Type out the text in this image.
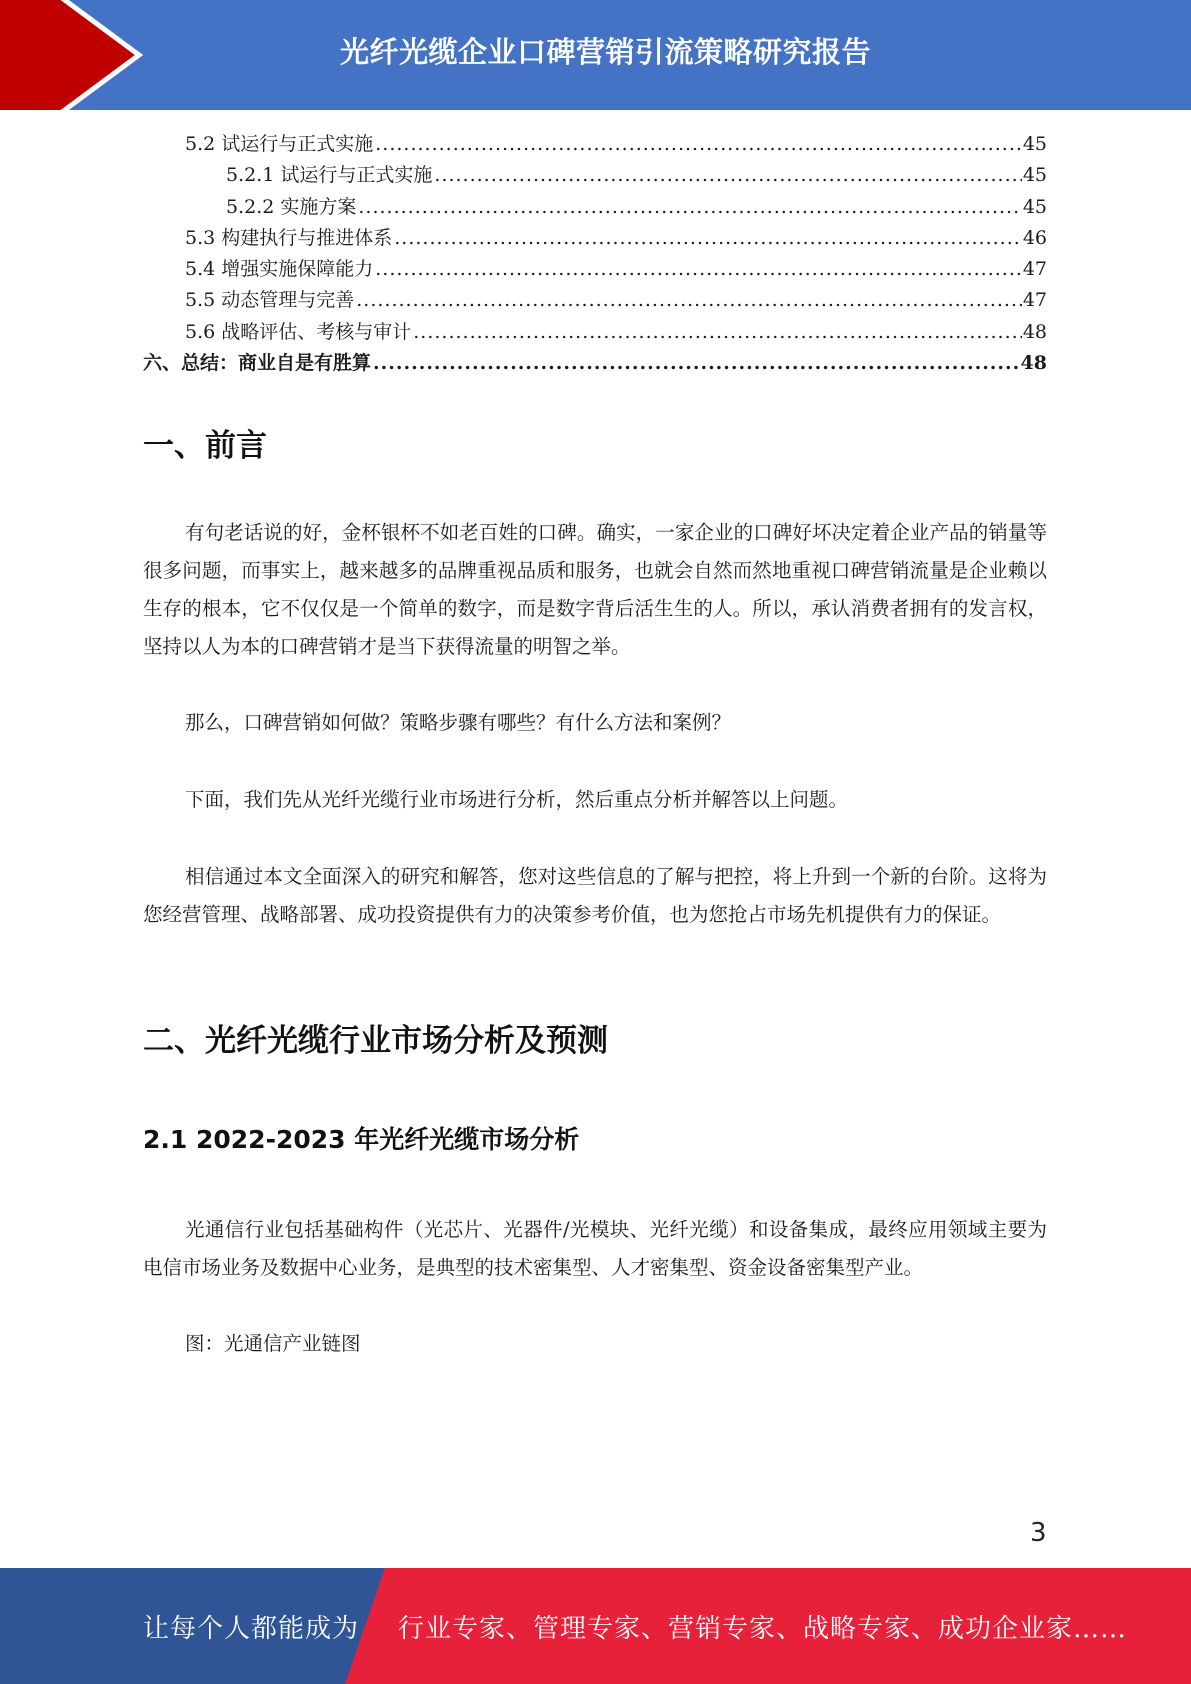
光纤光缆企业口碑营销引流策略研究报告
5.2 试运行与正式实施 .....	45
5.2.1 试运行与正式实施 .....	45
5.2.2 实施方案 .....	45
5.3 构建执行与推进体系 .....	46
5.4 增强实施保障能力 .....	47
5.5 动态管理与完善 .....	47
5.6 战略评估、考核与审计 .....	48
六、总结：商业自是有胜算 .....	48
一、前言

有句老话说的好，金杯银杯不如老百姓的口碑。确实，一家企业的口碑好坏决定着企业产品的销量等很多问题，而事实上，越来越多的品牌重视品质和服务，也就会自然而然地重视口碑营销流量是企业赖以生存的根本，它不仅仅是一个简单的数字，而是数字背后活生生的人。所以，承认消费者拥有的发言权，坚持以人为本的口碑营销才是当下获得流量的明智之举。

那么，口碑营销如何做？策略步骤有哪些？有什么方法和案例？

下面，我们先从光纤光缆行业市场进行分析，然后重点分析并解答以上问题。

相信通过本文全面深入的研究和解答，您对这些信息的了解与把控，将上升到一个新的台阶。这将为您经营管理、战略部署、成功投资提供有力的决策参考价值，也为您抢占市场先机提供有力的保证。

二、光纤光缆行业市场分析及预测
2.1 2022-2023 年光纤光缆市场分析

光通信行业包括基础构件（光芯片、光器件/光模块、光纤光缆）和设备集成，最终应用领域主要为电信市场业务及数据中心业务，是典型的技术密集型、人才密集型、资金设备密集型产业。

图：光通信产业链图

3
让每个人都能成为 行业专家、管理专家、营销专家、战略专家、成功企业家……
